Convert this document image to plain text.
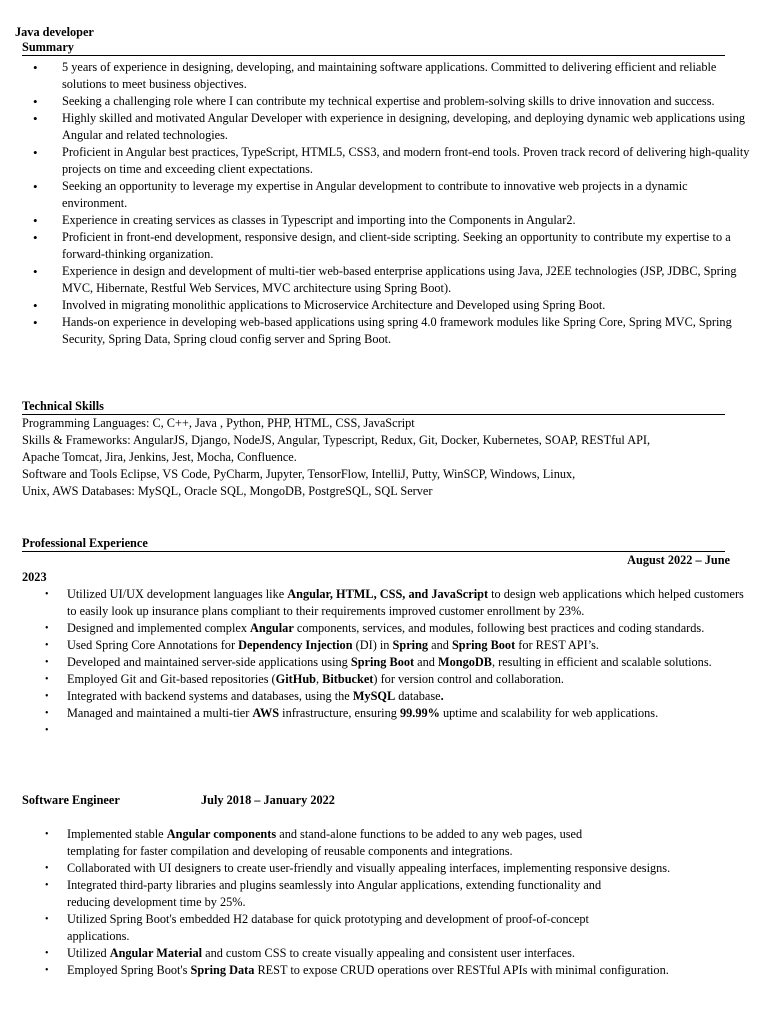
Java developer
Summary
• 5 years of experience in designing, developing, and maintaining software applications. Committed to delivering efficient and reliable
solutions to meet business objectives.
• Seeking a challenging role where I can contribute my technical expertise and problem-solving skills to drive innovation and success.
• Highly skilled and motivated Angular Developer with experience in designing, developing, and deploying dynamic web applications using Angular and related technologies.
• Proficient in Angular best practices, TypeScript, HTML5, CSS3, and modern front-end tools. Proven track record of delivering high-quality projects on time and exceeding client expectations.
• Seeking an opportunity to leverage my expertise in Angular development to contribute to innovative web projects in a dynamic environment.
• Experience in creating services as classes in Typescript and importing into the Components in Angular2.
• Proficient in front-end development, responsive design, and client-side scripting. Seeking an opportunity to contribute my expertise to a forward-thinking organization.
• Experience in design and development of multi-tier web-based enterprise applications using Java, J2EE technologies (JSP, JDBC, Spring MVC, Hibernate, Restful Web Services, MVC architecture using Spring Boot).
• Involved in migrating monolithic applications to Microservice Architecture and Developed using Spring Boot.
• Hands-on experience in developing web-based applications using spring 4.0 framework modules like Spring Core, Spring MVC, Spring Security, Spring Data, Spring cloud config server and Spring Boot.
Technical Skills
Programming Languages: C, C++, Java , Python, PHP, HTML, CSS, JavaScript
Skills & Frameworks: AngularJS, Django, NodeJS, Angular, Typescript, Redux, Git, Docker, Kubernetes, SOAP, RESTful API,
Apache Tomcat, Jira, Jenkins, Jest, Mocha, Confluence.
Software and Tools Eclipse, VS Code, PyCharm, Jupyter, TensorFlow, IntelliJ, Putty, WinSCP, Windows, Linux,
Unix, AWS Databases: MySQL, Oracle SQL, MongoDB, PostgreSQL, SQL Server
Professional Experience
August 2022 – June
2023
• Utilized UI/UX development languages like Angular, HTML, CSS, and JavaScript to design web applications which helped customers to easily look up insurance plans compliant to their requirements improved customer enrollment by 23%.
• Designed and implemented complex Angular components, services, and modules, following best practices and coding standards.
• Used Spring Core Annotations for Dependency Injection (DI) in Spring and Spring Boot for REST API’s.
• Developed and maintained server-side applications using Spring Boot and MongoDB, resulting in efficient and scalable solutions.
• Employed Git and Git-based repositories (GitHub, Bitbucket) for version control and collaboration.
• Integrated with backend systems and databases, using the MySQL database.
• Managed and maintained a multi-tier AWS infrastructure, ensuring 99.99% uptime and scalability for web applications.
•
Software Engineer	July 2018 – January 2022
• Implemented stable Angular components and stand-alone functions to be added to any web pages, used
templating for faster compilation and developing of reusable components and integrations.
• Collaborated with UI designers to create user-friendly and visually appealing interfaces, implementing responsive designs.
• Integrated third-party libraries and plugins seamlessly into Angular applications, extending functionality and
reducing development time by 25%.
• Utilized Spring Boot's embedded H2 database for quick prototyping and development of proof-of-concept
applications.
• Utilized Angular Material and custom CSS to create visually appealing and consistent user interfaces.
• Employed Spring Boot's Spring Data REST to expose CRUD operations over RESTful APIs with minimal configuration.
